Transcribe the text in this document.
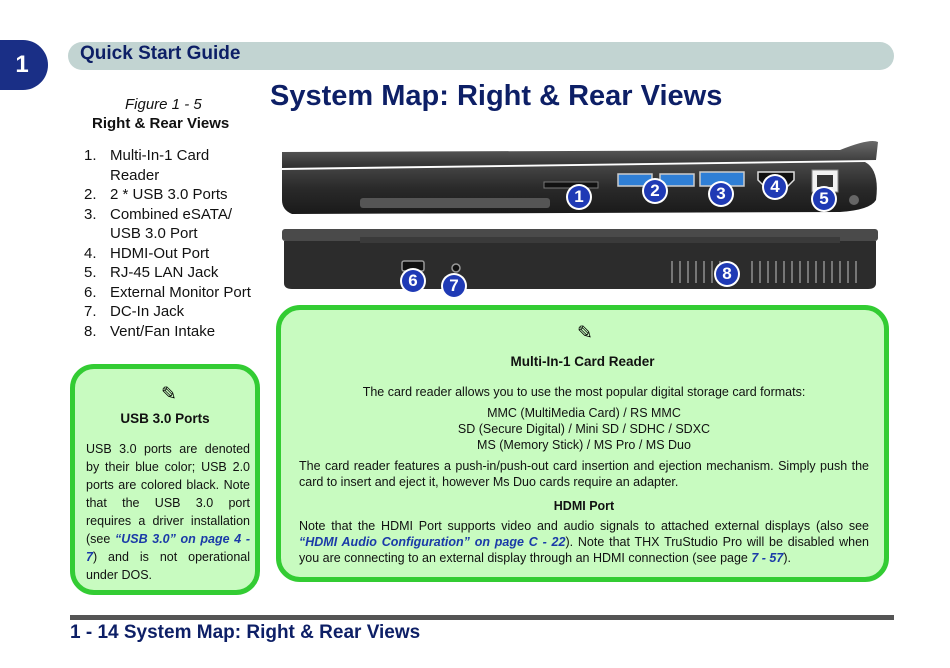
1	Quick Start Guide
System Map: Right & Rear Views
Figure 1 - 5
Right & Rear Views
1. Multi-In-1 Card Reader
2. 2 * USB 3.0 Ports
3. Combined eSATA/ USB 3.0 Port
4. HDMI-Out Port
5. RJ-45 LAN Jack
6. External Monitor Port
7. DC-In Jack
8. Vent/Fan Intake
1	2	3	4
5
6	7
8
✎
USB 3.0 Ports
USB 3.0 ports are denoted by their blue color; USB 2.0 ports are colored black. Note that the USB 3.0 port requires a driver installation (see “USB 3.0” on page 4 - 7) and is not operational under DOS.
✎
Multi-In-1 Card Reader
The card reader allows you to use the most popular digital storage card formats:
MMC (MultiMedia Card) / RS MMC
SD (Secure Digital) / Mini SD / SDHC / SDXC
MS (Memory Stick) / MS Pro / MS Duo
The card reader features a push-in/push-out card insertion and ejection mechanism. Simply push the card to insert and eject it, however Ms Duo cards require an adapter.
HDMI Port
Note that the HDMI Port supports video and audio signals to attached external displays (also see “HDMI Audio Configuration” on page C - 22). Note that THX TruStudio Pro will be disabled when you are connecting to an external display through an HDMI connection (see page 7 - 57).
1 - 14 System Map: Right & Rear Views
